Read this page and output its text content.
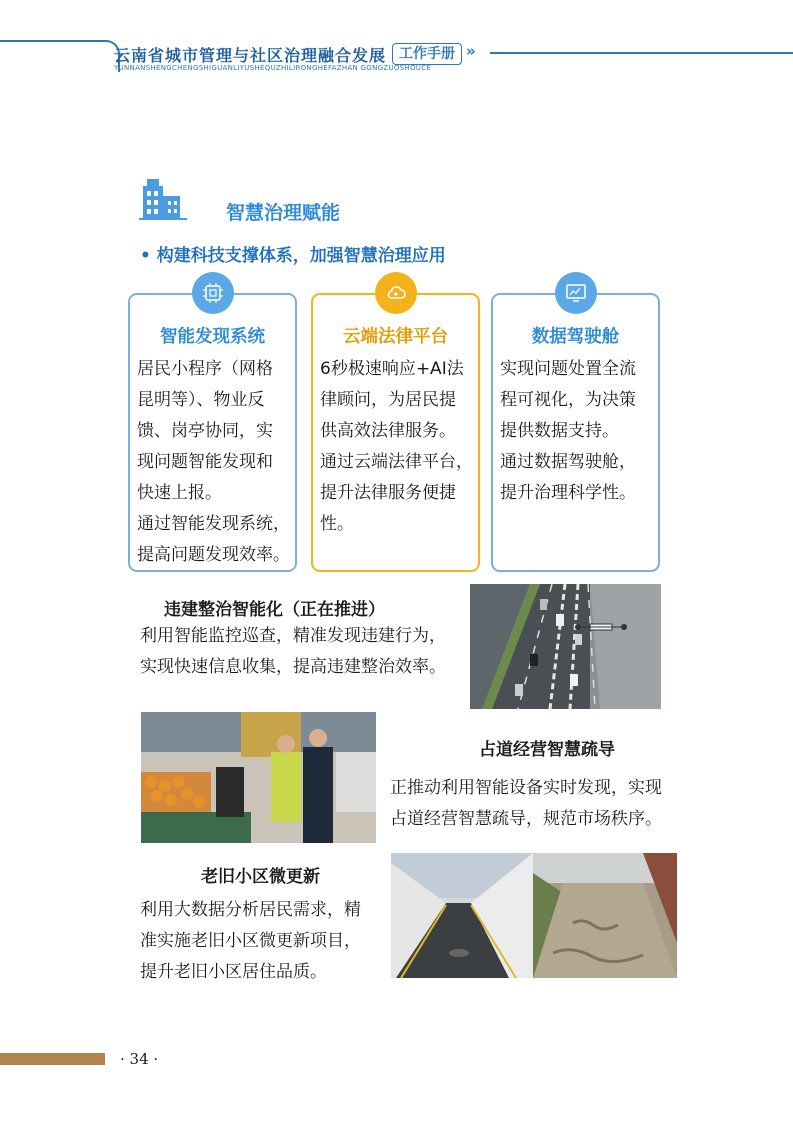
云南省城市管理与社区治理融合发展 工作手册 »
YUNNANSHENGCHENGSHIGUANLIYUSHEQUZHILIRONGHEFAZHAN GONGZUOSHOUCE
智慧治理赋能
• 构建科技支撑体系，加强智慧治理应用
智能发现系统

居民小程序（网格

昆明等）、物业反

馈、岗亭协同，实

现问题智能发现和

快速上报。

通过智能发现系统，

提高问题发现效率。

云端法律平台

6秒极速响应+AI法

律顾问，为居民提

供高效法律服务。

通过云端法律平台，

提升法律服务便捷

性。

数据驾驶舱

实现问题处置全流

程可视化，为决策

提供数据支持。

通过数据驾驶舱，

提升治理科学性。

违建整治智能化（正在推进）

利用智能监控巡查，精准发现违建行为，

实现快速信息收集，提高违建整治效率。

占道经营智慧疏导

正推动利用智能设备实时发现，实现

占道经营智慧疏导，规范市场秩序。

老旧小区微更新

利用大数据分析居民需求，精

准实施老旧小区微更新项目，

提升老旧小区居住品质。

· 34 ·
